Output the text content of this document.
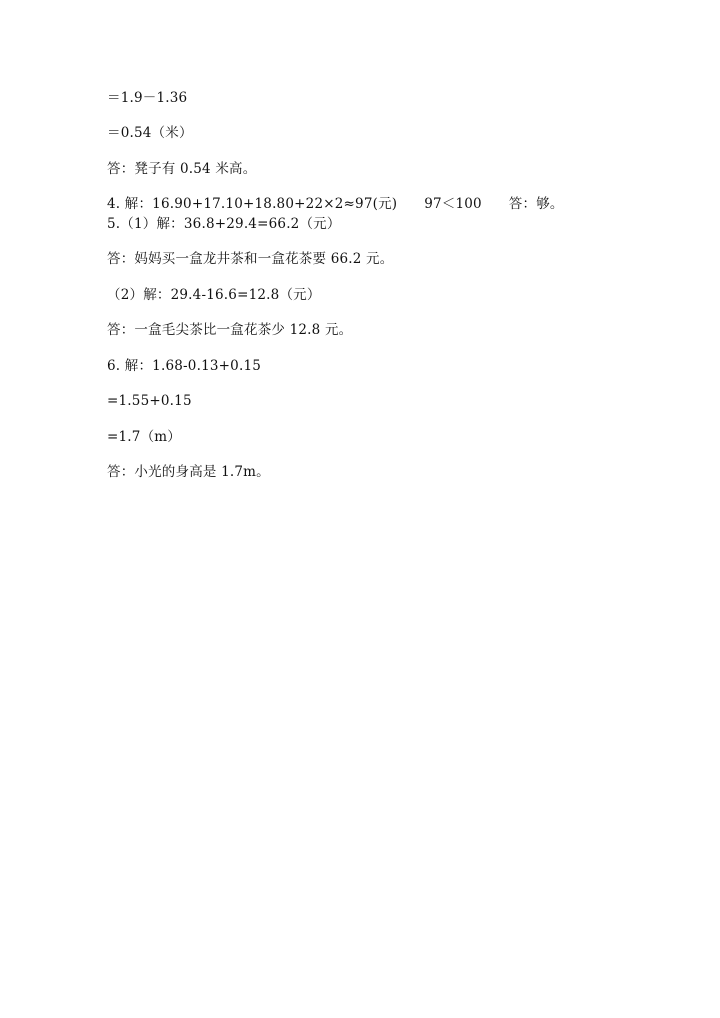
＝1.9－1.36
＝0.54（米）
答：凳子有 0.54 米高。
4. 解：16.90+17.10+18.80+22×2≈97(元)      97＜100      答：够。
5.（1）解：36.8+29.4=66.2（元）
答：妈妈买一盒龙井茶和一盒花茶要 66.2 元。
（2）解：29.4-16.6=12.8（元）
答：一盒毛尖茶比一盒花茶少 12.8 元。
6. 解：1.68-0.13+0.15
=1.55+0.15
=1.7（m）
答：小光的身高是 1.7m。
